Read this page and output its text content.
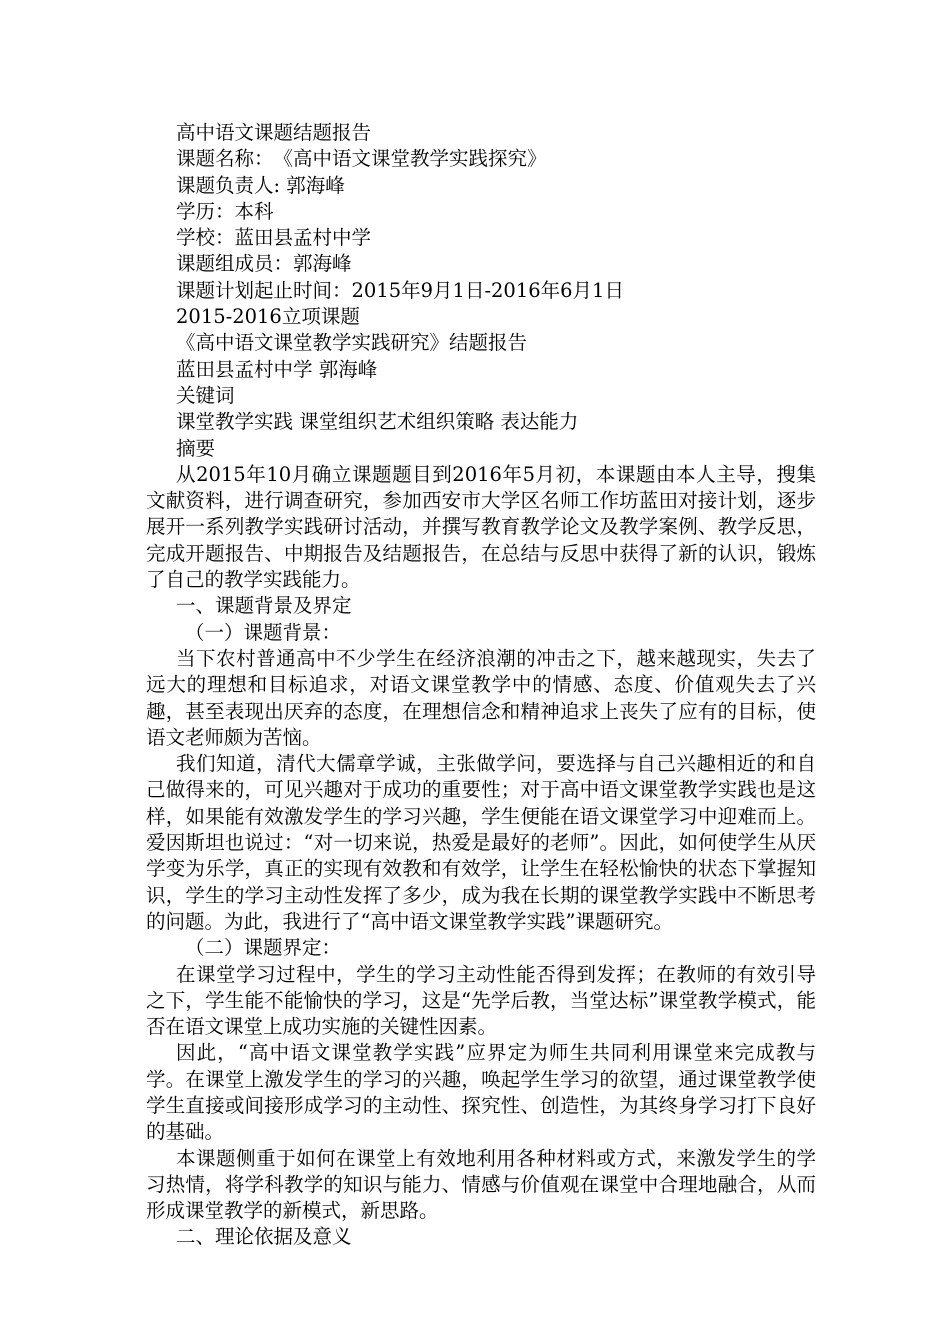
高中语文课题结题报告
课题名称：　《高中语文课堂教学实践探究》
课题负责人: 郭海峰
学历：本科
学校：蓝田县孟村中学
课题组成员：郭海峰
课题计划起止时间：2015年9月1日-2016年6月1日
2015-2016立项课题
《高中语文课堂教学实践研究》结题报告
蓝田县孟村中学 郭海峰
关键词
课堂教学实践 课堂组织艺术组织策略 表达能力
摘要

从2015年10月确立课题题目到2016年5月初，本课题由本人主导，搜集文献资料，进行调查研究，参加西安市大学区名师工作坊蓝田对接计划，逐步展开一系列教学实践研讨活动，并撰写教育教学论文及教学案例、教学反思，完成开题报告、中期报告及结题报告，在总结与反思中获得了新的认识，锻炼了自己的教学实践能力。

一、课题背景及界定
（一）课题背景：

当下农村普通高中不少学生在经济浪潮的冲击之下，越来越现实，失去了远大的理想和目标追求，对语文课堂教学中的情感、态度、价值观失去了兴趣，甚至表现出厌弃的态度，在理想信念和精神追求上丧失了应有的目标，使语文老师颇为苦恼。

我们知道，清代大儒章学诚，主张做学问，要选择与自己兴趣相近的和自己做得来的，可见兴趣对于成功的重要性；对于高中语文课堂教学实践也是这样，如果能有效激发学生的学习兴趣，学生便能在语文课堂学习中迎难而上。爱因斯坦也说过：“对一切来说，热爱是最好的老师”。因此，如何使学生从厌学变为乐学，真正的实现有效教和有效学，让学生在轻松愉快的状态下掌握知识，学生的学习主动性发挥了多少，成为我在长期的课堂教学实践中不断思考的问题。为此，我进行了“高中语文课堂教学实践”课题研究。

（二）课题界定：

在课堂学习过程中，学生的学习主动性能否得到发挥；在教师的有效引导之下，学生能不能愉快的学习，这是“先学后教，当堂达标”课堂教学模式，能否在语文课堂上成功实施的关键性因素。

因此，“高中语文课堂教学实践”应界定为师生共同利用课堂来完成教与学。在课堂上激发学生的学习的兴趣，唤起学生学习的欲望，通过课堂教学使学生直接或间接形成学习的主动性、探究性、创造性，为其终身学习打下良好的基础。

本课题侧重于如何在课堂上有效地利用各种材料或方式，来激发学生的学习热情，将学科教学的知识与能力、情感与价值观在课堂中合理地融合，从而形成课堂教学的新模式，新思路。

二、理论依据及意义
